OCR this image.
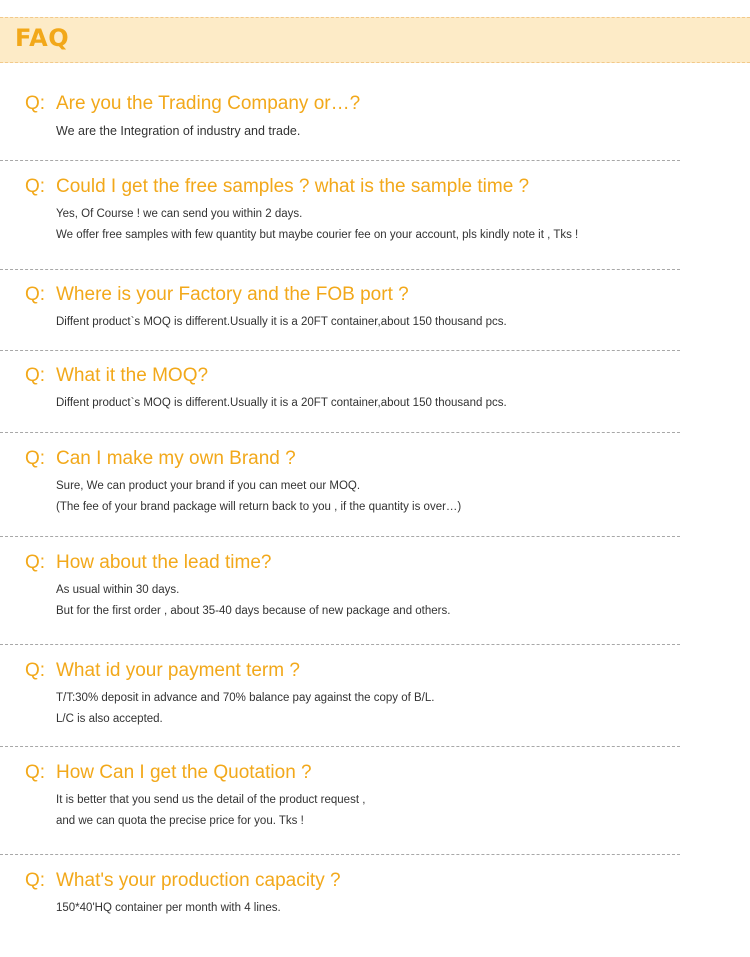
FAQ
Q: Are you the Trading Company or…?
We are the Integration of industry and trade.
Q: Could I get the free samples ? what is the sample time ?
Yes, Of Course ! we can send you within 2 days.
We offer free samples with few quantity but maybe courier fee on your account, pls kindly note it , Tks !
Q: Where is your Factory and the FOB port ?
Diffent product`s MOQ is different.Usually it is a 20FT container,about 150 thousand pcs.
Q: What it the MOQ?
Diffent product`s MOQ is different.Usually it is a 20FT container,about 150 thousand pcs.
Q: Can I make my own Brand ?
Sure, We can product your brand if you can meet our MOQ.
(The fee of your brand package will return back to you , if the quantity is over…)
Q: How about the lead time?
As usual within 30 days.
But for the first order , about 35-40 days because of new package and others.
Q: What id your payment term ?
T/T:30% deposit in advance and 70% balance pay against the copy of B/L.
L/C is also accepted.
Q: How Can I get the Quotation ?
It is better that you send us the detail of the product request ,
and we can quota the precise price for you. Tks !
Q: What's your production capacity ?
150*40'HQ container per month with 4 lines.
